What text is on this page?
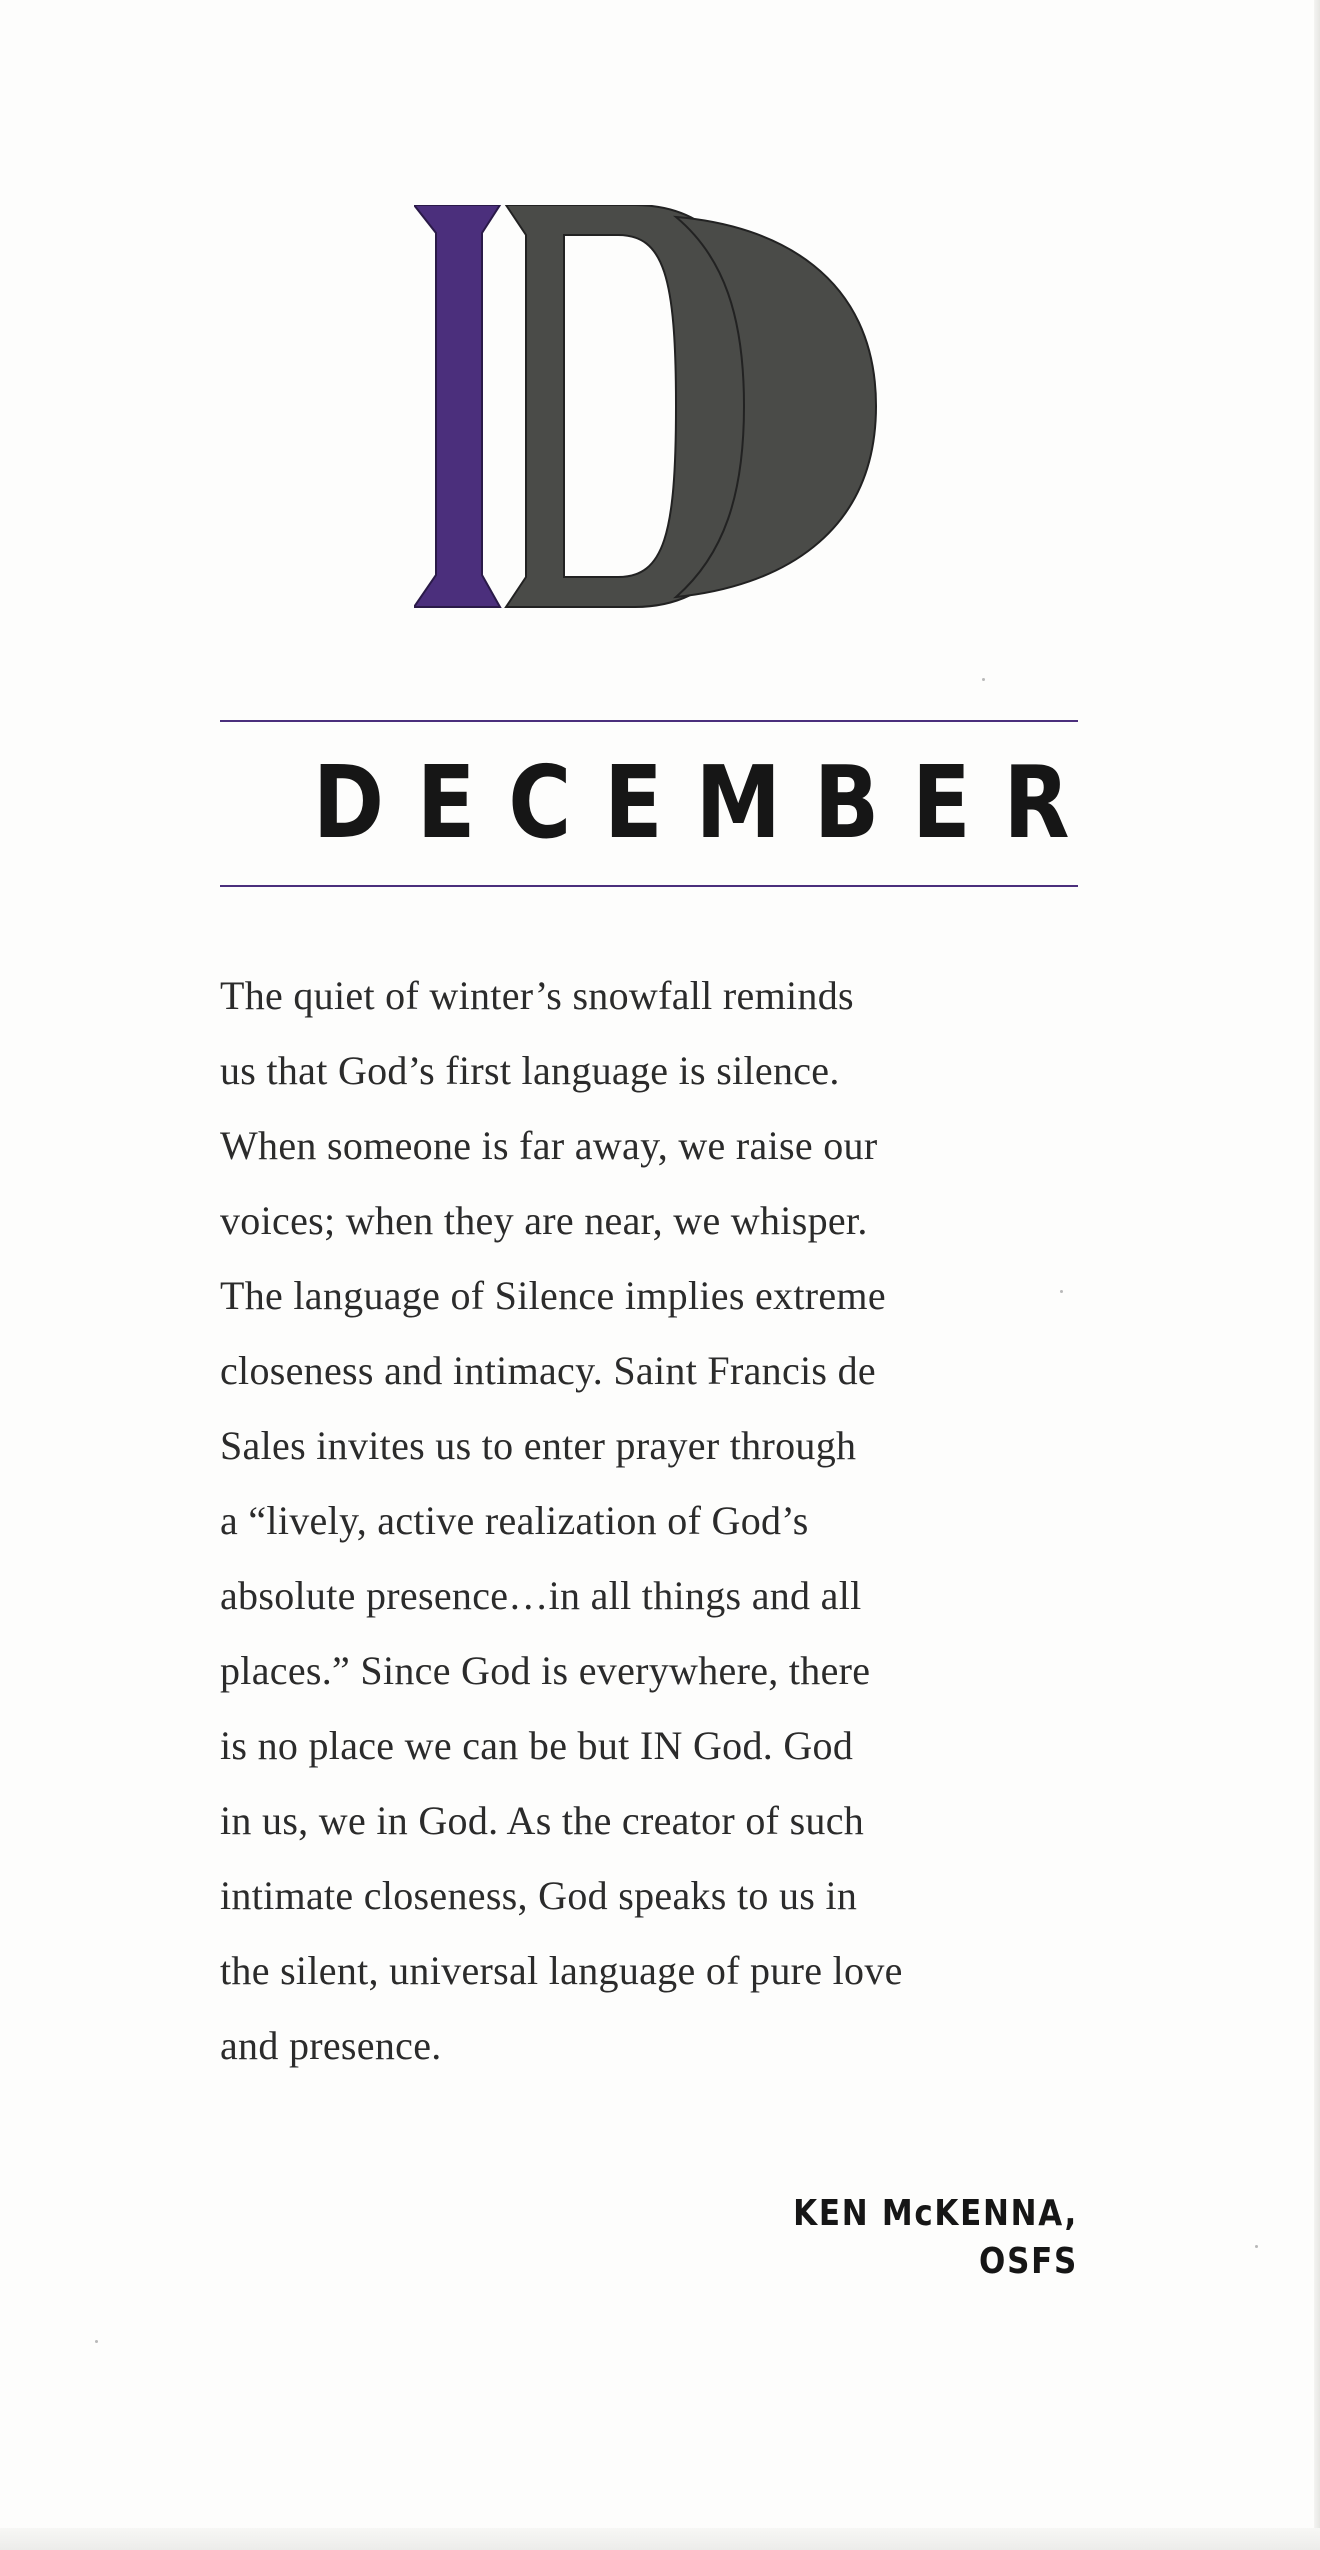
DECEMBER

The quiet of winter’s snowfall reminds
us that God’s first language is silence.
When someone is far away, we raise our
voices; when they are near, we whisper.
The language of Silence implies extreme
closeness and intimacy. Saint Francis de
Sales invites us to enter prayer through
a “lively, active realization of God’s
absolute presence…in all things and all
places.” Since God is everywhere, there
is no place we can be but IN God. God
in us, we in God. As the creator of such
intimate closeness, God speaks to us in
the silent, universal language of pure love
and presence.

KEN McKENNA, OSFS
